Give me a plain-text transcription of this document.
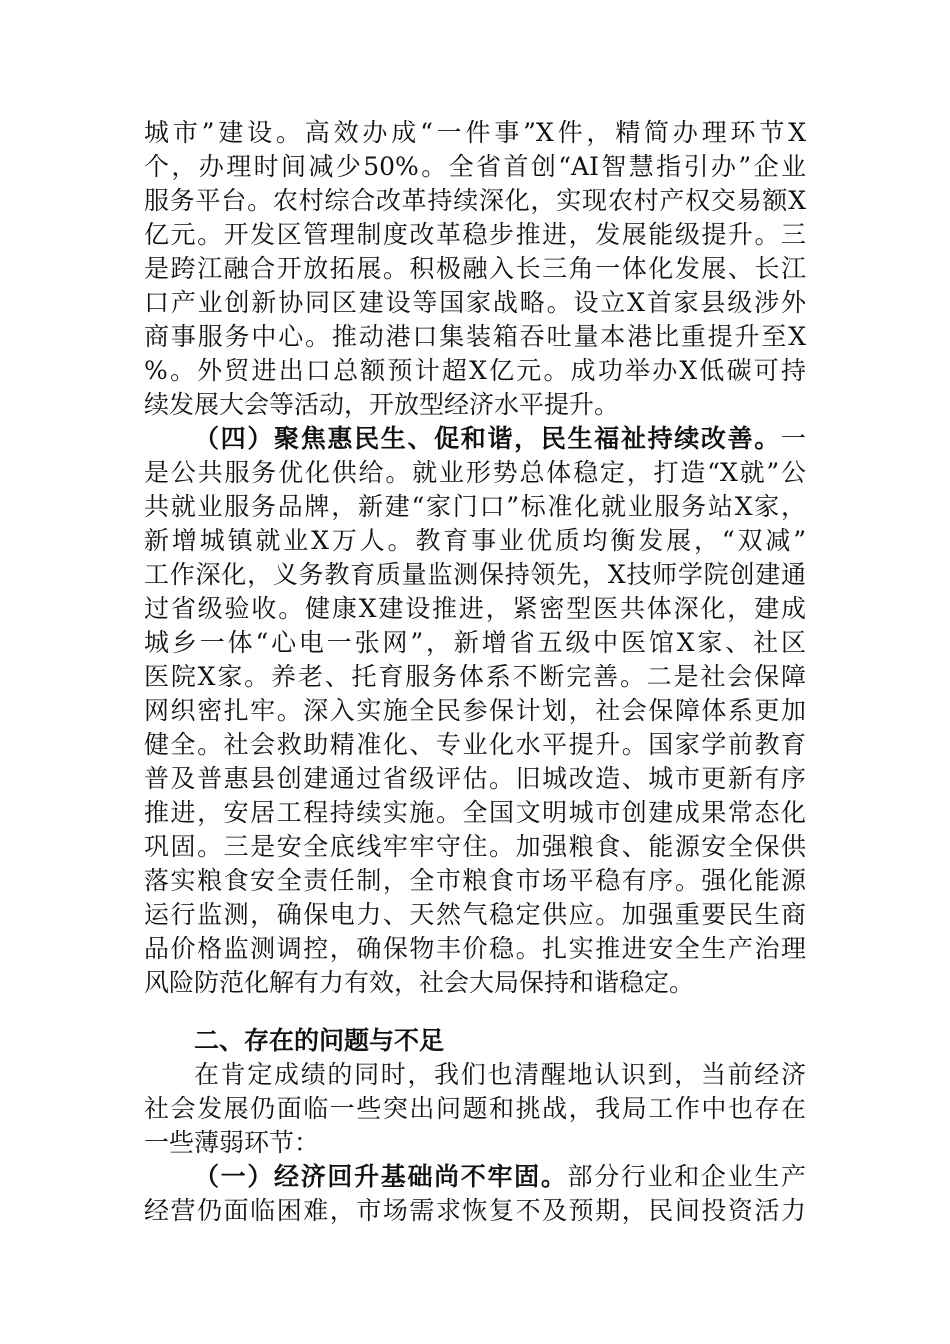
城市”建设。高效办成“一件事”X件，精简办理环节X
个，办理时间减少50%。全省首创“AI智慧指引办”企业
服务平台。农村综合改革持续深化，实现农村产权交易额X
亿元。开发区管理制度改革稳步推进，发展能级提升。三
是跨江融合开放拓展。积极融入长三角一体化发展、长江
口产业创新协同区建设等国家战略。设立X首家县级涉外
商事服务中心。推动港口集装箱吞吐量本港比重提升至X
%。外贸进出口总额预计超X亿元。成功举办X低碳可持
续发展大会等活动，开放型经济水平提升。
（四）聚焦惠民生、促和谐，民生福祉持续改善。一
是公共服务优化供给。就业形势总体稳定，打造“X就”公
共就业服务品牌，新建“家门口”标准化就业服务站X家，
新增城镇就业X万人。教育事业优质均衡发展，“双减”
工作深化，义务教育质量监测保持领先，X技师学院创建通
过省级验收。健康X建设推进，紧密型医共体深化，建成
城乡一体“心电一张网”，新增省五级中医馆X家、社区
医院X家。养老、托育服务体系不断完善。二是社会保障
网织密扎牢。深入实施全民参保计划，社会保障体系更加
健全。社会救助精准化、专业化水平提升。国家学前教育
普及普惠县创建通过省级评估。旧城改造、城市更新有序
推进，安居工程持续实施。全国文明城市创建成果常态化
巩固。三是安全底线牢牢守住。加强粮食、能源安全保供
落实粮食安全责任制，全市粮食市场平稳有序。强化能源
运行监测，确保电力、天然气稳定供应。加强重要民生商
品价格监测调控，确保物丰价稳。扎实推进安全生产治理
风险防范化解有力有效，社会大局保持和谐稳定。
二、存在的问题与不足
在肯定成绩的同时，我们也清醒地认识到，当前经济
社会发展仍面临一些突出问题和挑战，我局工作中也存在
一些薄弱环节：
（一）经济回升基础尚不牢固。部分行业和企业生产
经营仍面临困难，市场需求恢复不及预期，民间投资活力
